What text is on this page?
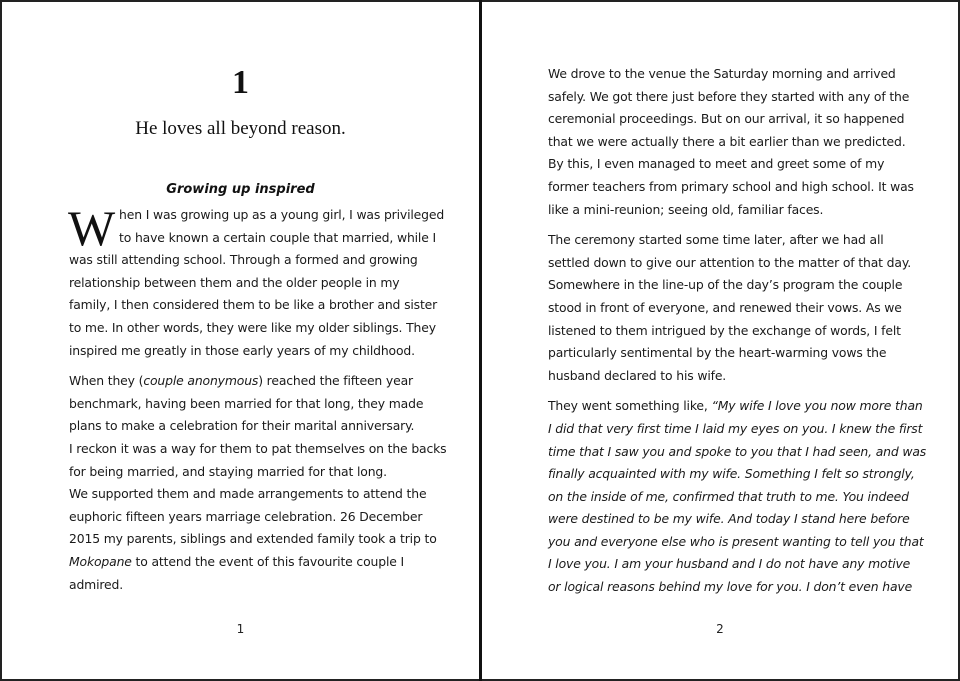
1
He loves all beyond reason.
Growing up inspired

W hen I was growing up as a young girl, I was privileged
to have known a certain couple that married, while I
was still attending school. Through a formed and growing
relationship between them and the older people in my
family, I then considered them to be like a brother and sister
to me. In other words, they were like my older siblings. They
inspired me greatly in those early years of my childhood.

When they (couple anonymous) reached the fifteen year
benchmark, having been married for that long, they made
plans to make a celebration for their marital anniversary.
I reckon it was a way for them to pat themselves on the backs
for being married, and staying married for that long.
We supported them and made arrangements to attend the
euphoric fifteen years marriage celebration. 26 December
2015 my parents, siblings and extended family took a trip to
Mokopane to attend the event of this favourite couple I
admired.

1

We drove to the venue the Saturday morning and arrived
safely. We got there just before they started with any of the
ceremonial proceedings. But on our arrival, it so happened
that we were actually there a bit earlier than we predicted.
By this, I even managed to meet and greet some of my
former teachers from primary school and high school. It was
like a mini-reunion; seeing old, familiar faces.

The ceremony started some time later, after we had all
settled down to give our attention to the matter of that day.
Somewhere in the line-up of the day’s program the couple
stood in front of everyone, and renewed their vows. As we
listened to them intrigued by the exchange of words, I felt
particularly sentimental by the heart-warming vows the
husband declared to his wife.

They went something like, “My wife I love you now more than
I did that very first time I laid my eyes on you. I knew the first
time that I saw you and spoke to you that I had seen, and was
finally acquainted with my wife. Something I felt so strongly,
on the inside of me, confirmed that truth to me. You indeed
were destined to be my wife. And today I stand here before
you and everyone else who is present wanting to tell you that
I love you. I am your husband and I do not have any motive
or logical reasons behind my love for you. I don’t even have

2
